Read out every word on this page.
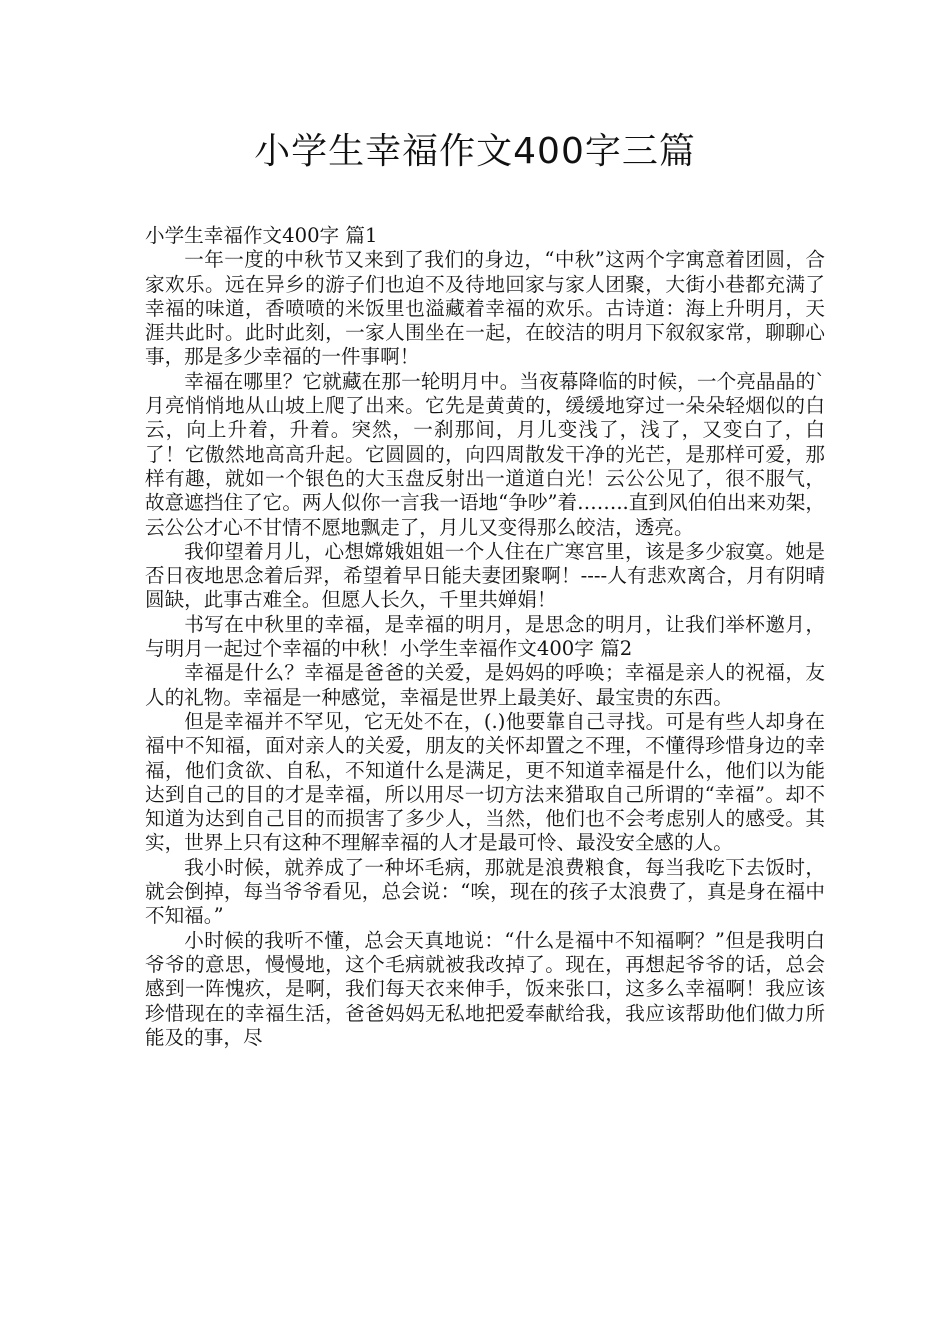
小学生幸福作文400字三篇

小学生幸福作文400字 篇1

一年一度的中秋节又来到了我们的身边，“中秋”这两个字寓意着团圆，合家欢乐。远在异乡的游子们也迫不及待地回家与家人团聚，大街小巷都充满了幸福的味道，香喷喷的米饭里也溢藏着幸福的欢乐。古诗道：海上升明月，天涯共此时。此时此刻，一家人围坐在一起，在皎洁的明月下叙叙家常，聊聊心事，那是多少幸福的一件事啊！

幸福在哪里？它就藏在那一轮明月中。当夜幕降临的时候，一个亮晶晶的`月亮悄悄地从山坡上爬了出来。它先是黄黄的，缓缓地穿过一朵朵轻烟似的白云，向上升着，升着。突然，一刹那间，月儿变浅了，浅了，又变白了，白了！它傲然地高高升起。它圆圆的，向四周散发干净的光芒，是那样可爱，那样有趣，就如一个银色的大玉盘反射出一道道白光！云公公见了，很不服气，故意遮挡住了它。两人似你一言我一语地“争吵”着……..直到风伯伯出来劝架，云公公才心不甘情不愿地飘走了，月儿又变得那么皎洁，透亮。

我仰望着月儿，心想嫦娥姐姐一个人住在广寒宫里，该是多少寂寞。她是否日夜地思念着后羿，希望着早日能夫妻团聚啊！----人有悲欢离合，月有阴晴圆缺，此事古难全。但愿人长久，千里共婵娟！

书写在中秋里的幸福，是幸福的明月，是思念的明月，让我们举杯邀月，与明月一起过个幸福的中秋！小学生幸福作文400字 篇2

幸福是什么？幸福是爸爸的关爱，是妈妈的呼唤；幸福是亲人的祝福，友人的礼物。幸福是一种感觉，幸福是世界上最美好、最宝贵的东西。

但是幸福并不罕见，它无处不在，(.)他要靠自己寻找。可是有些人却身在福中不知福，面对亲人的关爱，朋友的关怀却置之不理，不懂得珍惜身边的幸福，他们贪欲、自私，不知道什么是满足，更不知道幸福是什么，他们以为能达到自己的目的才是幸福，所以用尽一切方法来猎取自己所谓的“幸福”。却不知道为达到自己目的而损害了多少人，当然，他们也不会考虑别人的感受。其实，世界上只有这种不理解幸福的人才是最可怜、最没安全感的人。

我小时候，就养成了一种坏毛病，那就是浪费粮食，每当我吃下去饭时，就会倒掉，每当爷爷看见，总会说：“唉，现在的孩子太浪费了，真是身在福中不知福。”

小时候的我听不懂，总会天真地说：“什么是福中不知福啊？”但是我明白爷爷的意思，慢慢地，这个毛病就被我改掉了。现在，再想起爷爷的话，总会感到一阵愧疚，是啊，我们每天衣来伸手，饭来张口，这多么幸福啊！我应该珍惜现在的幸福生活，爸爸妈妈无私地把爱奉献给我，我应该帮助他们做力所能及的事，尽
